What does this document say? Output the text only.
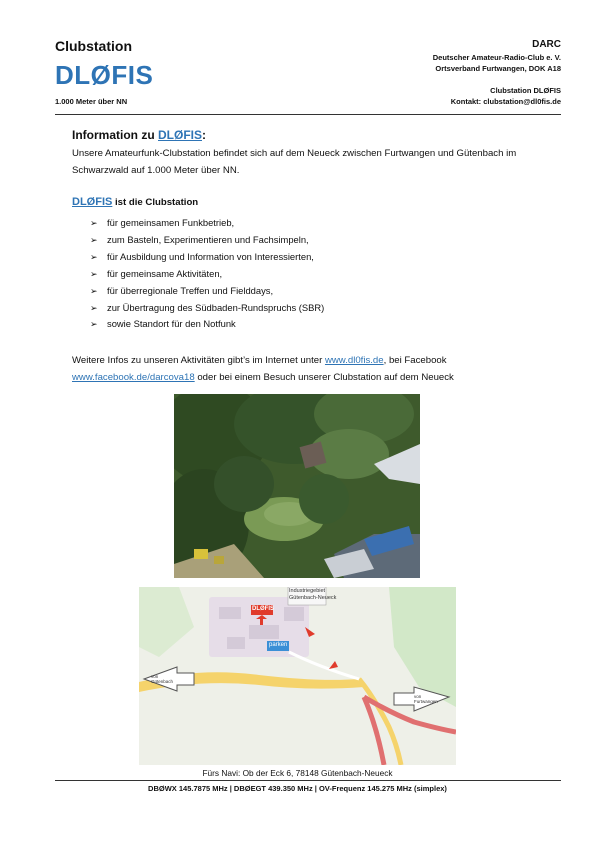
Clubstation
DLØFIS
1.000 Meter über NN
DARC
Deutscher Amateur-Radio-Club e. V.
Ortsverband Furtwangen, DOK A18
Clubstation DLØFIS
Kontakt: clubstation@dl0fis.de
Information zu DLØFIS:
Unsere Amateurfunk-Clubstation befindet sich auf dem Neueck zwischen Furtwangen und Gütenbach im Schwarzwald auf 1.000 Meter über NN.
DLØFIS ist die Clubstation
➢ für gemeinsamen Funkbetrieb,
➢ zum Basteln, Experimentieren und Fachsimpeln,
➢ für Ausbildung und Information von Interessierten,
➢ für gemeinsame Aktivitäten,
➢ für überregionale Treffen und Fielddays,
➢ zur Übertragung des Südbaden-Rundspruchs (SBR)
➢ sowie Standort für den Notfunk
Weitere Infos zu unseren Aktivitäten gibt’s im Internet unter www.dl0fis.de, bei Facebook www.facebook.de/darcova18 oder bei einem Besuch unserer Clubstation auf dem Neueck
Industriegebiet
Gütenbach-Neueck
DLØFIS
parken
von
Gütenbach
von
Furtwangen
Fürs Navi: Ob der Eck 6, 78148 Gütenbach-Neueck
DBØWX 145.7875 MHz | DBØEGT 439.350 MHz | OV-Frequenz 145.275 MHz (simplex)
